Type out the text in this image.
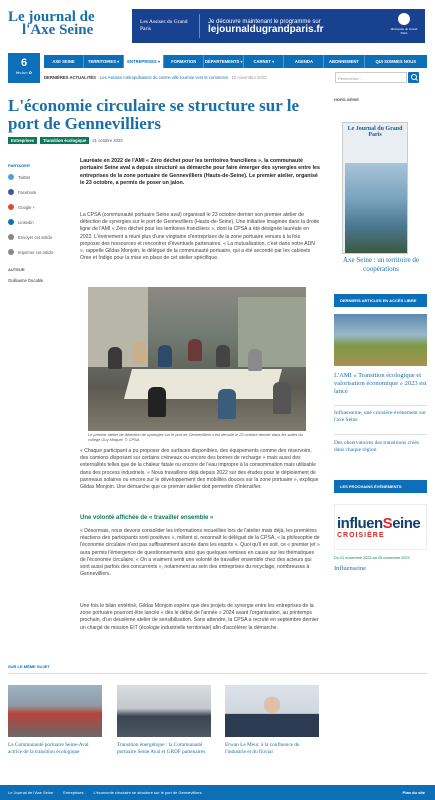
Le journal de
l'Axe Seine	Les Assises du Grand Paris
Je découvre maintenant le programme sur
lejournaldugrandparis.fr	Métropole du Grand Paris
6
fév.lun ✿
AXE SEINE	TERRITOIRES ▾	ENTREPRISES ▾	FORMATION	DÉPARTEMENTS ▾	CARNET ▾	AGENDA	ABONNEMENT	QUI SOMMES NOUS
DERNIÈRES ACTUALITÉS Les Assises métropolitaines du centre-ville tournée vers le commerce 10 novembre 2023	Rechercher...
L'économie circulaire se structure sur le port de Gennevilliers
Entreprises	Transition écologique	21 octobre 2023
PARTAGER
Twitter
Facebook
Google +
Linkedin
Envoyer cet article
Imprimer cet article
AUTEUR
Guillaume Ducable

Lauréate en 2022 de l'AMI « Zéro déchet pour les territoires franciliens », la communauté portuaire Seine aval a depuis structuré sa démarche pour faire émerger des synergies entre les entreprises de la zone portuaire de Gennevilliers (Hauts-de-Seine). Le premier atelier, organisé le 23 octobre, a permis de poser un jalon.

La CPSA (communauté portuaire Seine aval) organisait le 23 octobre dernier son premier atelier de détection de synergies sur le port de Gennevilliers (Hauts-de-Seine). Une initiative imaginée dans la droite ligne de l'AMI « Zéro déchet pour les territoires franciliens », dont la CPSA a été désignée lauréate en 2022. L'événement a réuni plus d'une vingtaine d'entreprises de la zone portuaire venues à la fois proposer des ressources et rencontrer d'éventuels partenaires. « La mutualisation, c'est dans notre ADN », rappelle Gildas Monjoin, le délégué de la communauté portuaire, qui a été secondé par les cabinets Oree et Indigo pour la mise en place de cet atelier spécifique.

Le premier atelier de détection de synergies sur le port de Gennevilliers s'est déroulé le 23 octobre dernier dans les salles du collège Guy Moquet. © CPSA

« Chaque participant a pu proposer des surfaces disponibles, des équipements comme des réservoirs, des camions disposant sur certains créneaux ou encore des bornes de recharge » mais aussi des externalités telles que de la chaleur fatale ou encore de l'eau impropre à la consommation mais utilisable dans des process industriels. « Nous travaillons déjà depuis 2022 sur des études pour le déploiement de panneaux solaires ou encore sur le développement des mobilités douces sur la zone portuaire », explique Gildas Monjoin. Une démarche que ce premier atelier doit permettre d'intensifier.

Une volonté affichée de « travailler ensemble »

« Désormais, nous devons consolider les informations recueillies lors de l'atelier mais déjà, les premières réactions des participants sont positives », mêlent si, reconnaît le délégué de la CPSA, « la philosophie de l'économie circulaire n'est pas suffisamment ancrée dans les esprits ». Quoi qu'il en soit, ce « premier jet » aura permis l'émergence de questionnements ainsi que quelques remises en cause sur les thématiques de l'économie circulaire. « On a vraiment senti une volonté de travailler ensemble chez des acteurs qui sont aussi parfois des concurrents », notamment au sein des entreprises du recyclage, nombreuses à Gennevilliers.

Une fois le bilan entériné, Gildas Monjoin espère que des projets de synergie entre les entreprises de la zone portuaire pourront être lancés « dès le début de l'année » 2024 avant l'organisation, au printemps prochain, d'un deuxième atelier de sensibilisation. Sans attendre, la CPSA a recruté en septembre dernier un chargé de mission EIT (écologie industrielle territoriale) afin d'accélérer la démarche.

HORS-SÉRIE
Le Journal du Grand Paris
Axe Seine : un territoire de coopérations
DERNIERS ARTICLES EN ACCÈS LIBRE
L'AMI « Transition écologique et valorisation économique » 2023 est lancé
Influenseine, une croisière-événement sur l'axe Seine
Des observatoires des transitions créés dans chaque région
LES PROCHAINS ÉVÉNEMENTS
influenSeine
CROISIÈRE
Du 21 novembre 2023 au 25 novembre 2023
Influenseine
SUR LE MÊME SUJET
La Communauté portuaire Seine-Aval actrice de la transition écologique
Transition énergétique : la Communauté portuaire Seine Aval et GRDF partenaires
Erwan Le Meur, à la confluence de l'industrie et du fluvial
Le Journal de l'Axe Seine	Entreprises	L'économie circulaire se structure sur le port de Gennevilliers	Plan du site
